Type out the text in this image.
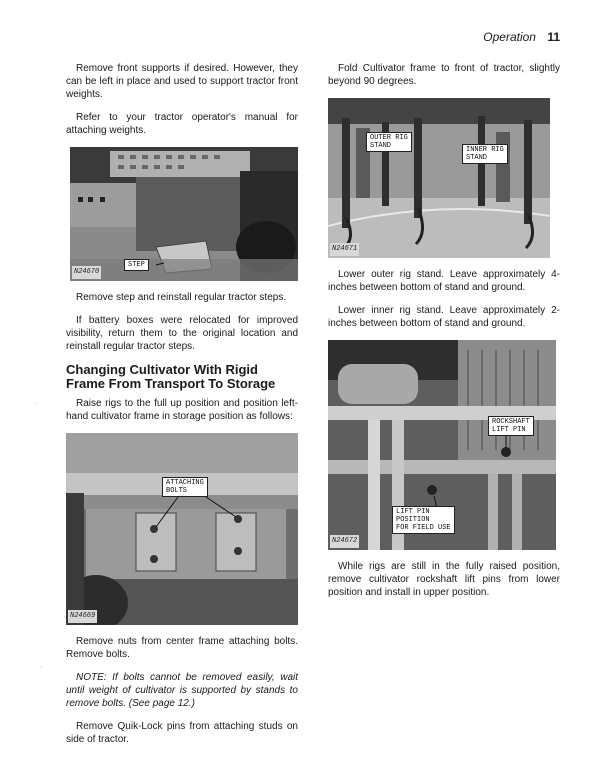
Operation 11
·
·

Remove front supports if desired. However, they can be left in place and used to support tractor front weights.

Refer to your tractor operator's manual for attaching weights.

STEP
N24670

Remove step and reinstall regular tractor steps.

If battery boxes were relocated for improved visibility, return them to the original location and reinstall regular tractor steps.

Changing Cultivator With Rigid Frame From Transport To Storage

Raise rigs to the full up position and position left-hand cultivator frame in storage position as follows:

ATTACHING
BOLTS
N24669

Remove nuts from center frame attaching bolts. Remove bolts.

NOTE: If bolts cannot be removed easily, wait until weight of cultivator is supported by stands to remove bolts. (See page 12.)

Remove Quik-Lock pins from attaching studs on side of tractor.

Fold Cultivator frame to front of tractor, slightly beyond 90 degrees.

OUTER RIG
STAND	INNER RIG
STAND
N24671

Lower outer rig stand. Leave approximately 4-inches between bottom of stand and ground.

Lower inner rig stand. Leave approximately 2-inches between bottom of stand and ground.

ROCKSHAFT
LIFT PIN
LIFT PIN
POSITION
FOR FIELD USE
N24672

While rigs are still in the fully raised position, remove cultivator rockshaft lift pins from lower position and install in upper position.
